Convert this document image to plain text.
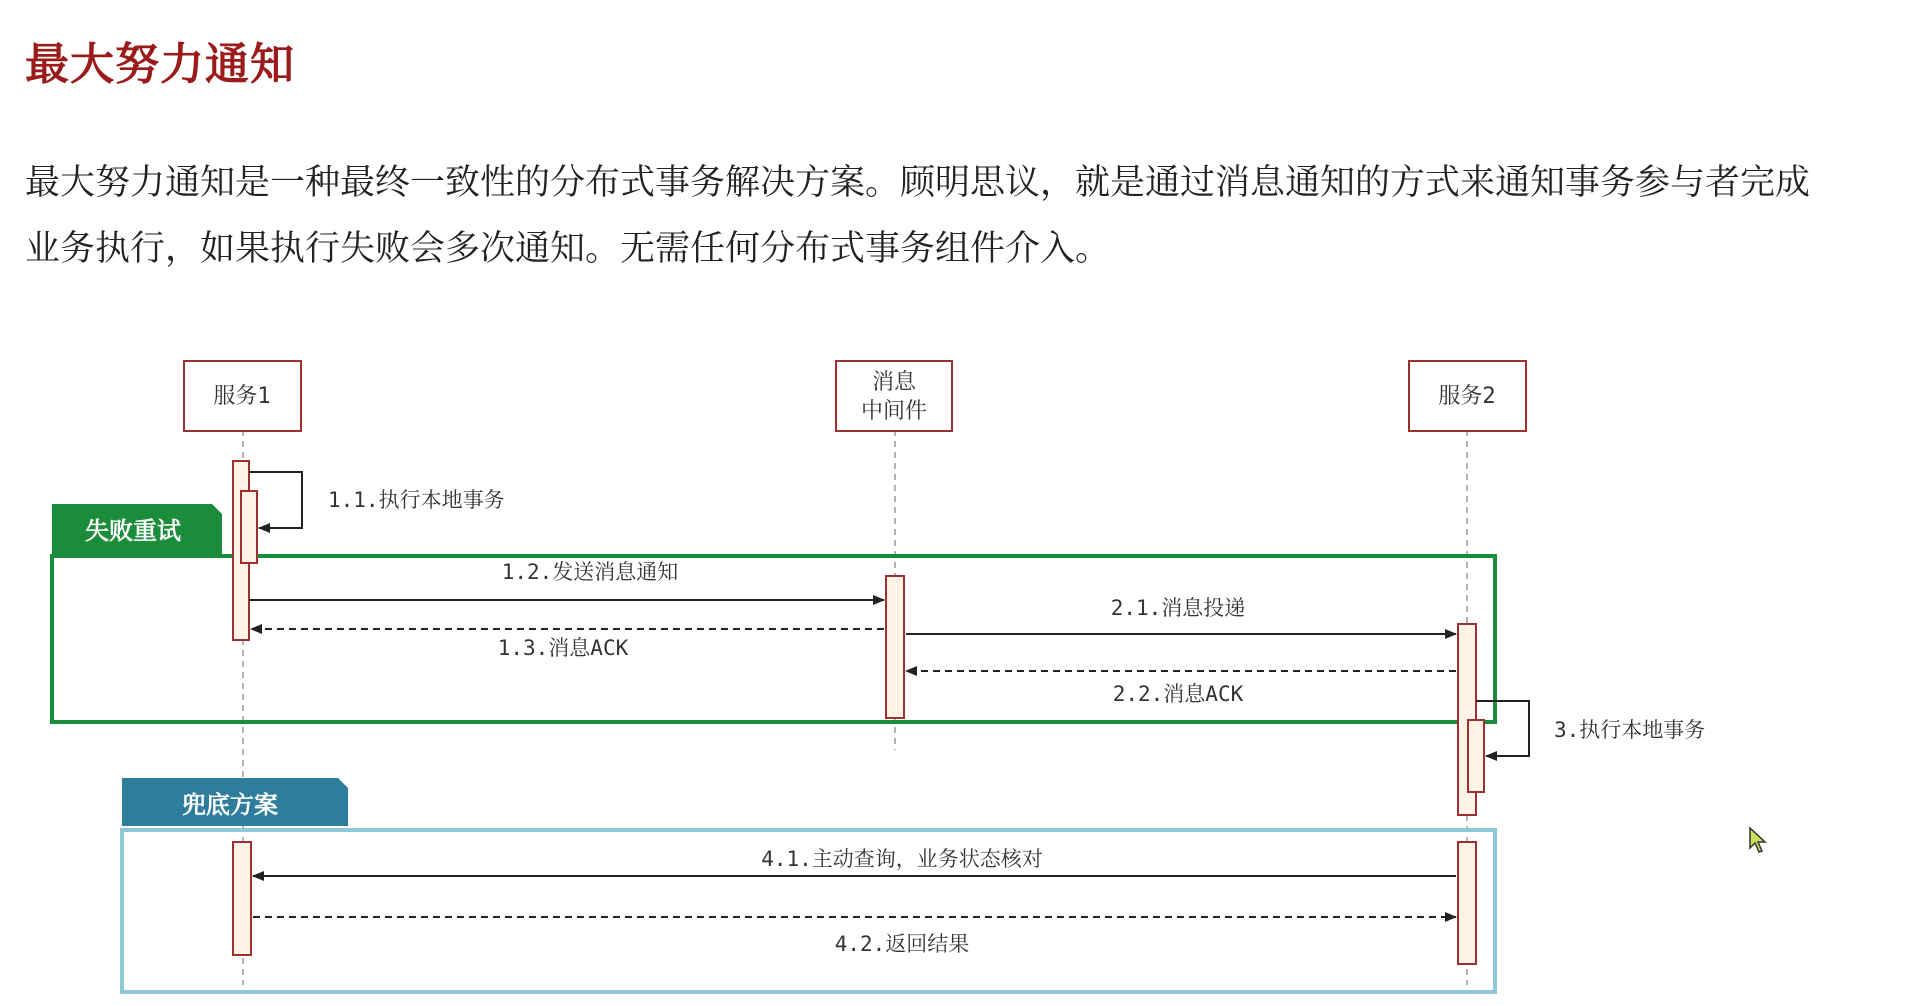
最大努力通知

最大努力通知是一种最终一致性的分布式事务解决方案。顾明思议，就是通过消息通知的方式来通知事务参与者完成

业务执行，如果执行失败会多次通知。无需任何分布式事务组件介入。

服务1
消息
中间件
服务2
失败重试
兜底方案
1.1.执行本地事务
1.2.发送消息通知
1.3.消息ACK
2.1.消息投递
2.2.消息ACK
3.执行本地事务
4.1.主动查询，业务状态核对
4.2.返回结果
